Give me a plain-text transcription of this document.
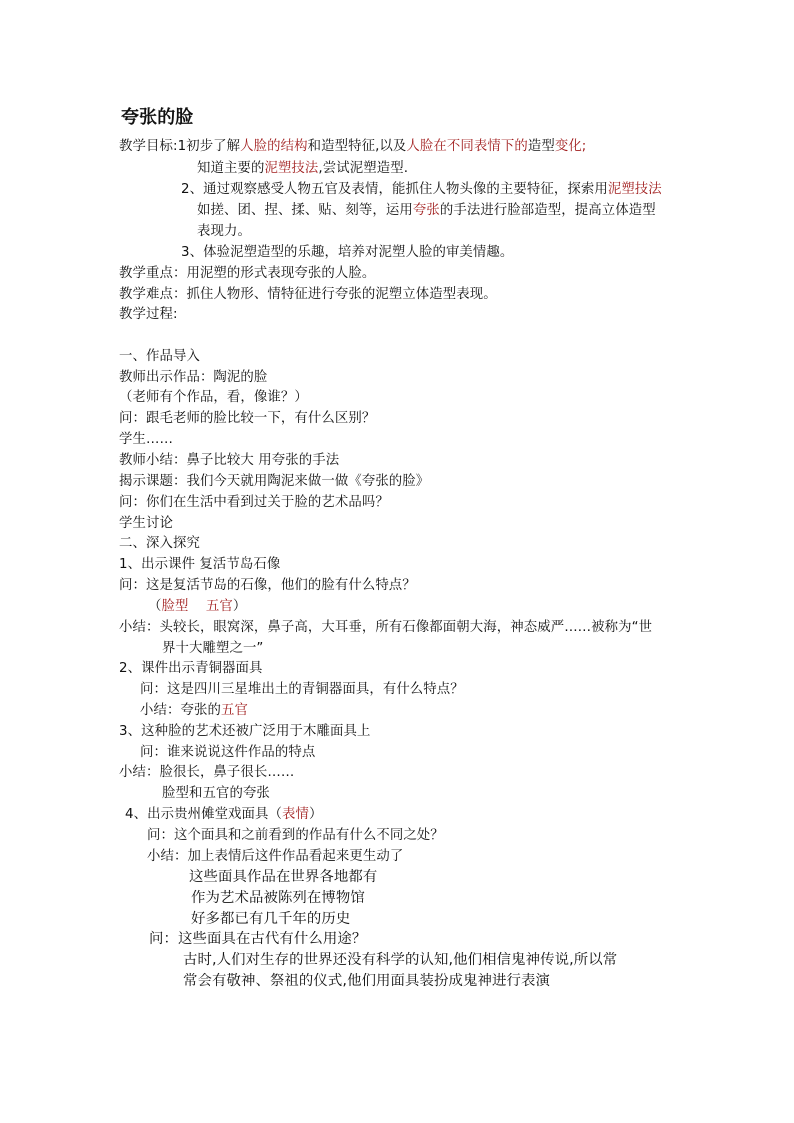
夸张的脸
教学目标:1初步了解人脸的结构和造型特征,以及人脸在不同表情下的造型变化;
知道主要的泥塑技法,尝试泥塑造型.
2、通过观察感受人物五官及表情，能抓住人物头像的主要特征，探索用泥塑技法
如搓、团、捏、揉、贴、刻等，运用夸张的手法进行脸部造型，提高立体造型
表现力。
3、体验泥塑造型的乐趣，培养对泥塑人脸的审美情趣。
教学重点：用泥塑的形式表现夸张的人脸。
教学难点：抓住人物形、情特征进行夸张的泥塑立体造型表现。
教学过程:
一、作品导入
教师出示作品：陶泥的脸
（老师有个作品，看，像谁？）
问：跟毛老师的脸比较一下，有什么区别？
学生……
教师小结：鼻子比较大 用夸张的手法
揭示课题：我们今天就用陶泥来做一做《夸张的脸》
问：你们在生活中看到过关于脸的艺术品吗？
学生讨论
二、深入探究
1、出示课件 复活节岛石像
问：这是复活节岛的石像，他们的脸有什么特点？
（脸型    五官）
小结：头较长，眼窝深，鼻子高，大耳垂，所有石像都面朝大海，神态威严……被称为“世
界十大雕塑之一”
2、课件出示青铜器面具
问：这是四川三星堆出土的青铜器面具，有什么特点？
小结：夸张的五官
3、这种脸的艺术还被广泛用于木雕面具上
问：谁来说说这件作品的特点
小结：脸很长，鼻子很长……
脸型和五官的夸张
4、出示贵州傩堂戏面具（表情）
问：这个面具和之前看到的作品有什么不同之处？
小结：加上表情后这件作品看起来更生动了
这些面具作品在世界各地都有
作为艺术品被陈列在博物馆
好多都已有几千年的历史
问：这些面具在古代有什么用途？
古时,人们对生存的世界还没有科学的认知,他们相信鬼神传说,所以常
常会有敬神、祭祖的仪式,他们用面具装扮成鬼神进行表演
